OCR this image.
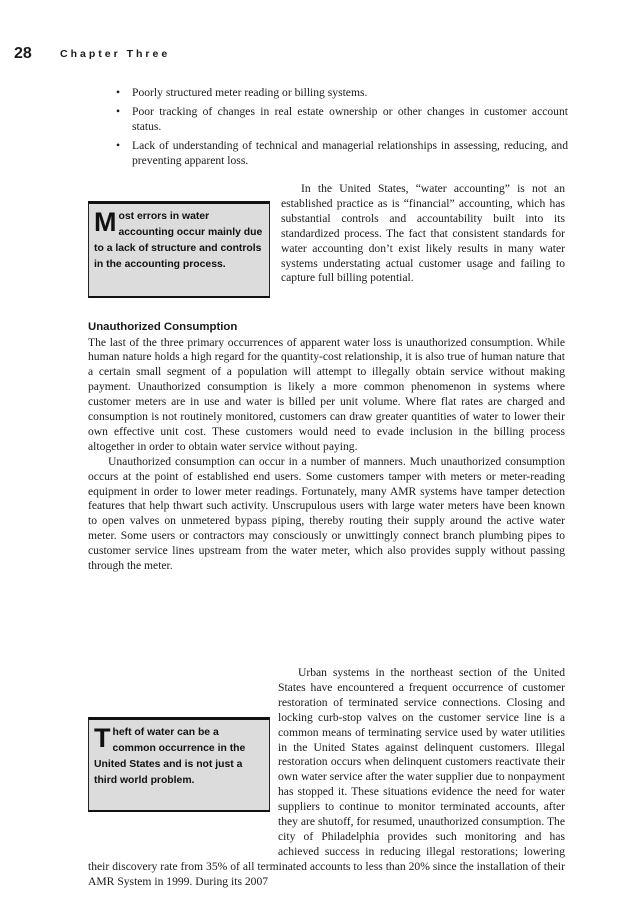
28	Chapter Three
• Poorly structured meter reading or billing systems.
• Poor tracking of changes in real estate ownership or other changes in customer account status.
• Lack of understanding of technical and managerial relationships in assessing, reducing, and preventing apparent loss.

In the United States, “water accounting” is not an established practice as is “financial” accounting, which has substantial controls and accountability built into its standardized process. The fact that consistent standards for water accounting don’t exist likely results in many water systems understating actual customer usage and failing to capture full billing potential.

Most errors in water accounting occur mainly due to a lack of structure and controls in the accounting process.
Unauthorized Consumption

The last of the three primary occurrences of apparent water loss is unauthorized consumption. While human nature holds a high regard for the quantity-cost relationship, it is also true of human nature that a certain small segment of a population will attempt to illegally obtain service without making payment. Unauthorized consumption is likely a more common phenomenon in systems where customer meters are in use and water is billed per unit volume. Where flat rates are charged and consumption is not routinely monitored, customers can draw greater quantities of water to lower their own effective unit cost. These customers would need to evade inclusion in the billing process altogether in order to obtain water service without paying.

Unauthorized consumption can occur in a number of manners. Much unauthorized consumption occurs at the point of established end users. Some customers tamper with meters or meter-reading equipment in order to lower meter readings. Fortunately, many AMR systems have tamper detection features that help thwart such activity. Unscrupulous users with large water meters have been known to open valves on unmetered bypass piping, thereby routing their supply around the active water meter. Some users or contractors may consciously or unwittingly connect branch plumbing pipes to customer service lines upstream from the water meter, which also provides supply without passing through the meter.

Urban systems in the northeast section of the United States have encountered a frequent occurrence of customer restoration of terminated service connections. Closing and locking curb-stop valves on the customer service line is a common means of terminating service used by water utilities in the United States against delinquent customers. Illegal restoration occurs when delinquent customers reactivate their own water service after the water supplier due to nonpayment has stopped it. These situations evidence the need for water suppliers to continue to monitor terminated accounts, after they are shutoff, for resumed, unauthorized consumption. The city of Philadelphia provides such monitoring and has achieved success in reducing illegal restorations; lowering their discovery rate from 35% of all terminated accounts to less than 20% since the installation of their AMR System in 1999. During its 2007
Theft of water can be a common occurrence in the United States and is not just a third world problem.
